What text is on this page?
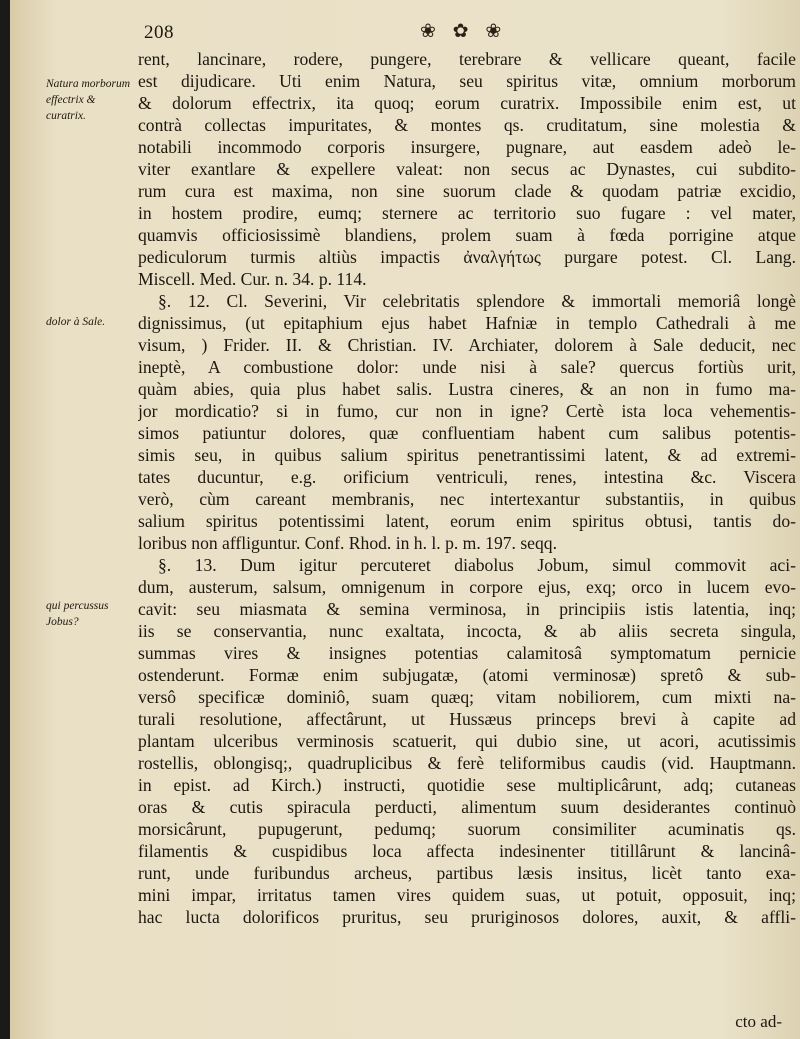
208	❀ ✿ ❀
Natura morborum effectrix & curatrix.
dolor à Sale.
qui percussus Jobus?
rent, lancinare, rodere, pungere, terebrare & vellicare queant, facile
est dijudicare. Uti enim Natura, seu spiritus vitæ, omnium morborum
& dolorum effectrix, ita quoq; eorum curatrix. Impossibile enim est, ut
contrà collectas impuritates, & montes qs. cruditatum, sine molestia &
notabili incommodo corporis insurgere, pugnare, aut easdem adeò le-
viter exantlare & expellere valeat: non secus ac Dynastes, cui subdito-
rum cura est maxima, non sine suorum clade & quodam patriæ excidio,
in hostem prodire, eumq; sternere ac territorio suo fugare : vel mater,
quamvis officiosissimè blandiens, prolem suam à fœda porrigine atque
pediculorum turmis altiùs impactis ἀναλγήτως purgare potest. Cl. Lang.
Miscell. Med. Cur. n. 34. p. 114.
§. 12. Cl. Severini, Vir celebritatis splendore & immortali memoriâ longè
dignissimus, (ut epitaphium ejus habet Hafniæ in templo Cathedrali à me
visum, ) Frider. II. & Christian. IV. Archiater, dolorem à Sale deducit, nec
ineptè, A combustione dolor: unde nisi à sale? quercus fortiùs urit,
quàm abies, quia plus habet salis. Lustra cineres, & an non in fumo ma-
jor mordicatio? si in fumo, cur non in igne? Certè ista loca vehementis-
simos patiuntur dolores, quæ confluentiam habent cum salibus potentis-
simis seu, in quibus salium spiritus penetrantissimi latent, & ad extremi-
tates ducuntur, e.g. orificium ventriculi, renes, intestina &c. Viscera
verò, cùm careant membranis, nec intertexantur substantiis, in quibus
salium spiritus potentissimi latent, eorum enim spiritus obtusi, tantis do-
loribus non affliguntur. Conf. Rhod. in h. l. p. m. 197. seqq.
§. 13. Dum igitur percuteret diabolus Jobum, simul commovit aci-
dum, austerum, salsum, omnigenum in corpore ejus, exq; orco in lucem evo-
cavit: seu miasmata & semina verminosa, in principiis istis latentia, inq;
iis se conservantia, nunc exaltata, incocta, & ab aliis secreta singula,
summas vires & insignes potentias calamitosâ symptomatum pernicie
ostenderunt. Formæ enim subjugatæ, (atomi verminosæ) spretô & sub-
versô specificæ dominiô, suam quæq; vitam nobiliorem, cum mixti na-
turali resolutione, affectârunt, ut Hussæus princeps brevi à capite ad
plantam ulceribus verminosis scatuerit, qui dubio sine, ut acori, acutissimis
rostellis, oblongisq;, quadruplicibus & ferè teliformibus caudis (vid. Hauptmann.
in epist. ad Kirch.) instructi, quotidie sese multiplicârunt, adq; cutaneas
oras & cutis spiracula perducti, alimentum suum desiderantes continuò
morsicârunt, pupugerunt, pedumq; suorum consimiliter acuminatis qs.
filamentis & cuspidibus loca affecta indesinenter titillârunt & lancinâ-
runt, unde furibundus archeus, partibus læsis insitus, licèt tanto exa-
mini impar, irritatus tamen vires quidem suas, ut potuit, opposuit, inq;
hac lucta dolorificos pruritus, seu pruriginosos dolores, auxit, & affli-
cto ad-
